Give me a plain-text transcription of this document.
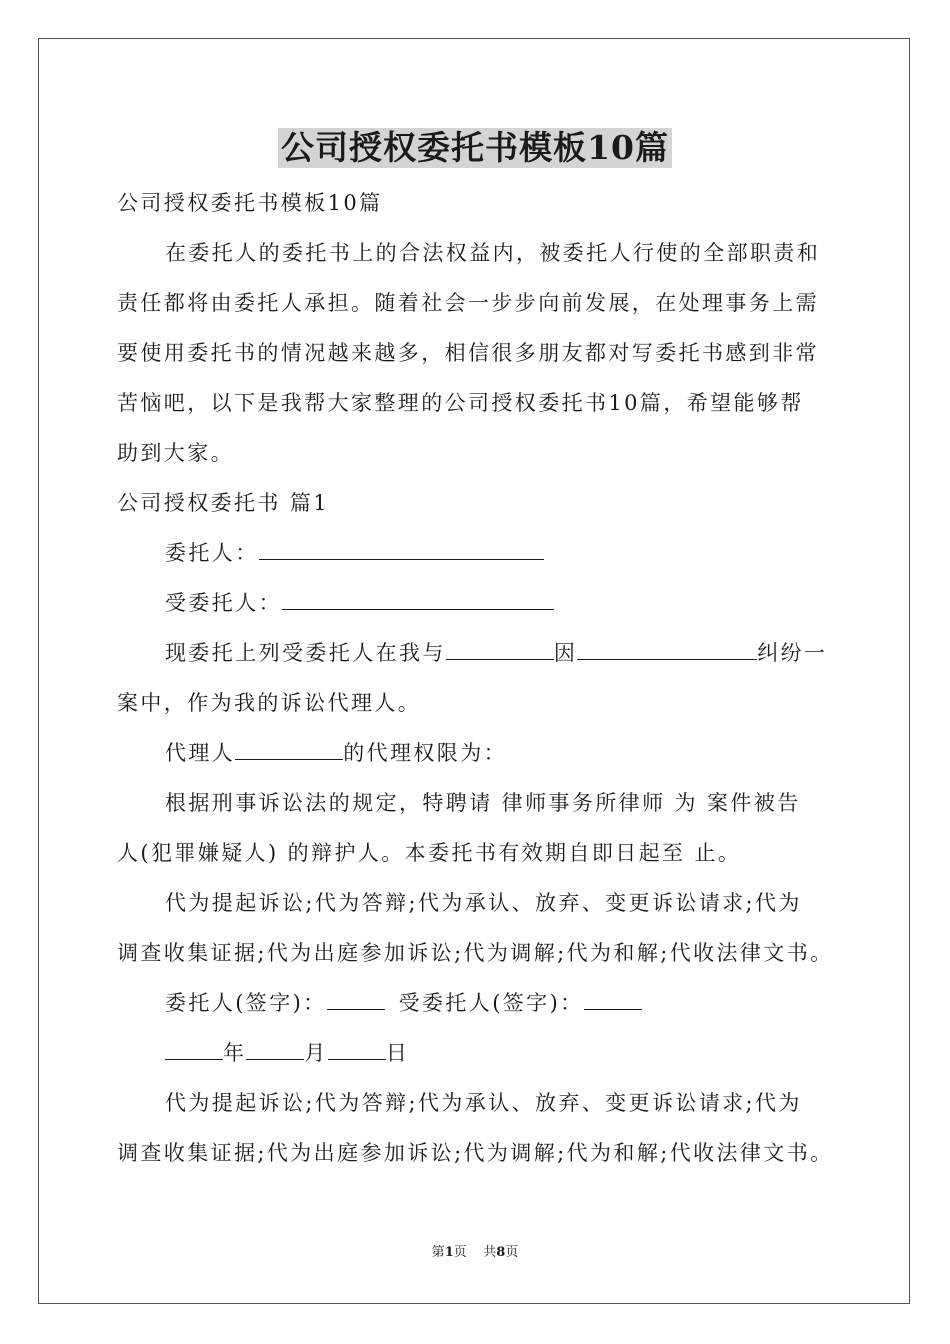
公司授权委托书模板10篇
公司授权委托书模板10篇
在委托人的委托书上的合法权益内，被委托人行使的全部职责和
责任都将由委托人承担。随着社会一步步向前发展，在处理事务上需
要使用委托书的情况越来越多，相信很多朋友都对写委托书感到非常
苦恼吧，以下是我帮大家整理的公司授权委托书10篇，希望能够帮
助到大家。
公司授权委托书 篇1
委托人：
受委托人：
现委托上列受委托人在我与	因	纠纷一
案中，作为我的诉讼代理人。
代理人	的代理权限为：
根据刑事诉讼法的规定，特聘请 律师事务所律师 为 案件被告
人(犯罪嫌疑人) 的辩护人。本委托书有效期自即日起至 止。
代为提起诉讼;代为答辩;代为承认、放弃、变更诉讼请求;代为
调查收集证据;代为出庭参加诉讼;代为调解;代为和解;代收法律文书。
委托人(签字)：	受委托人(签字)：
年	月	日
代为提起诉讼;代为答辩;代为承认、放弃、变更诉讼请求;代为
调查收集证据;代为出庭参加诉讼;代为调解;代为和解;代收法律文书。
第1页    共8页
